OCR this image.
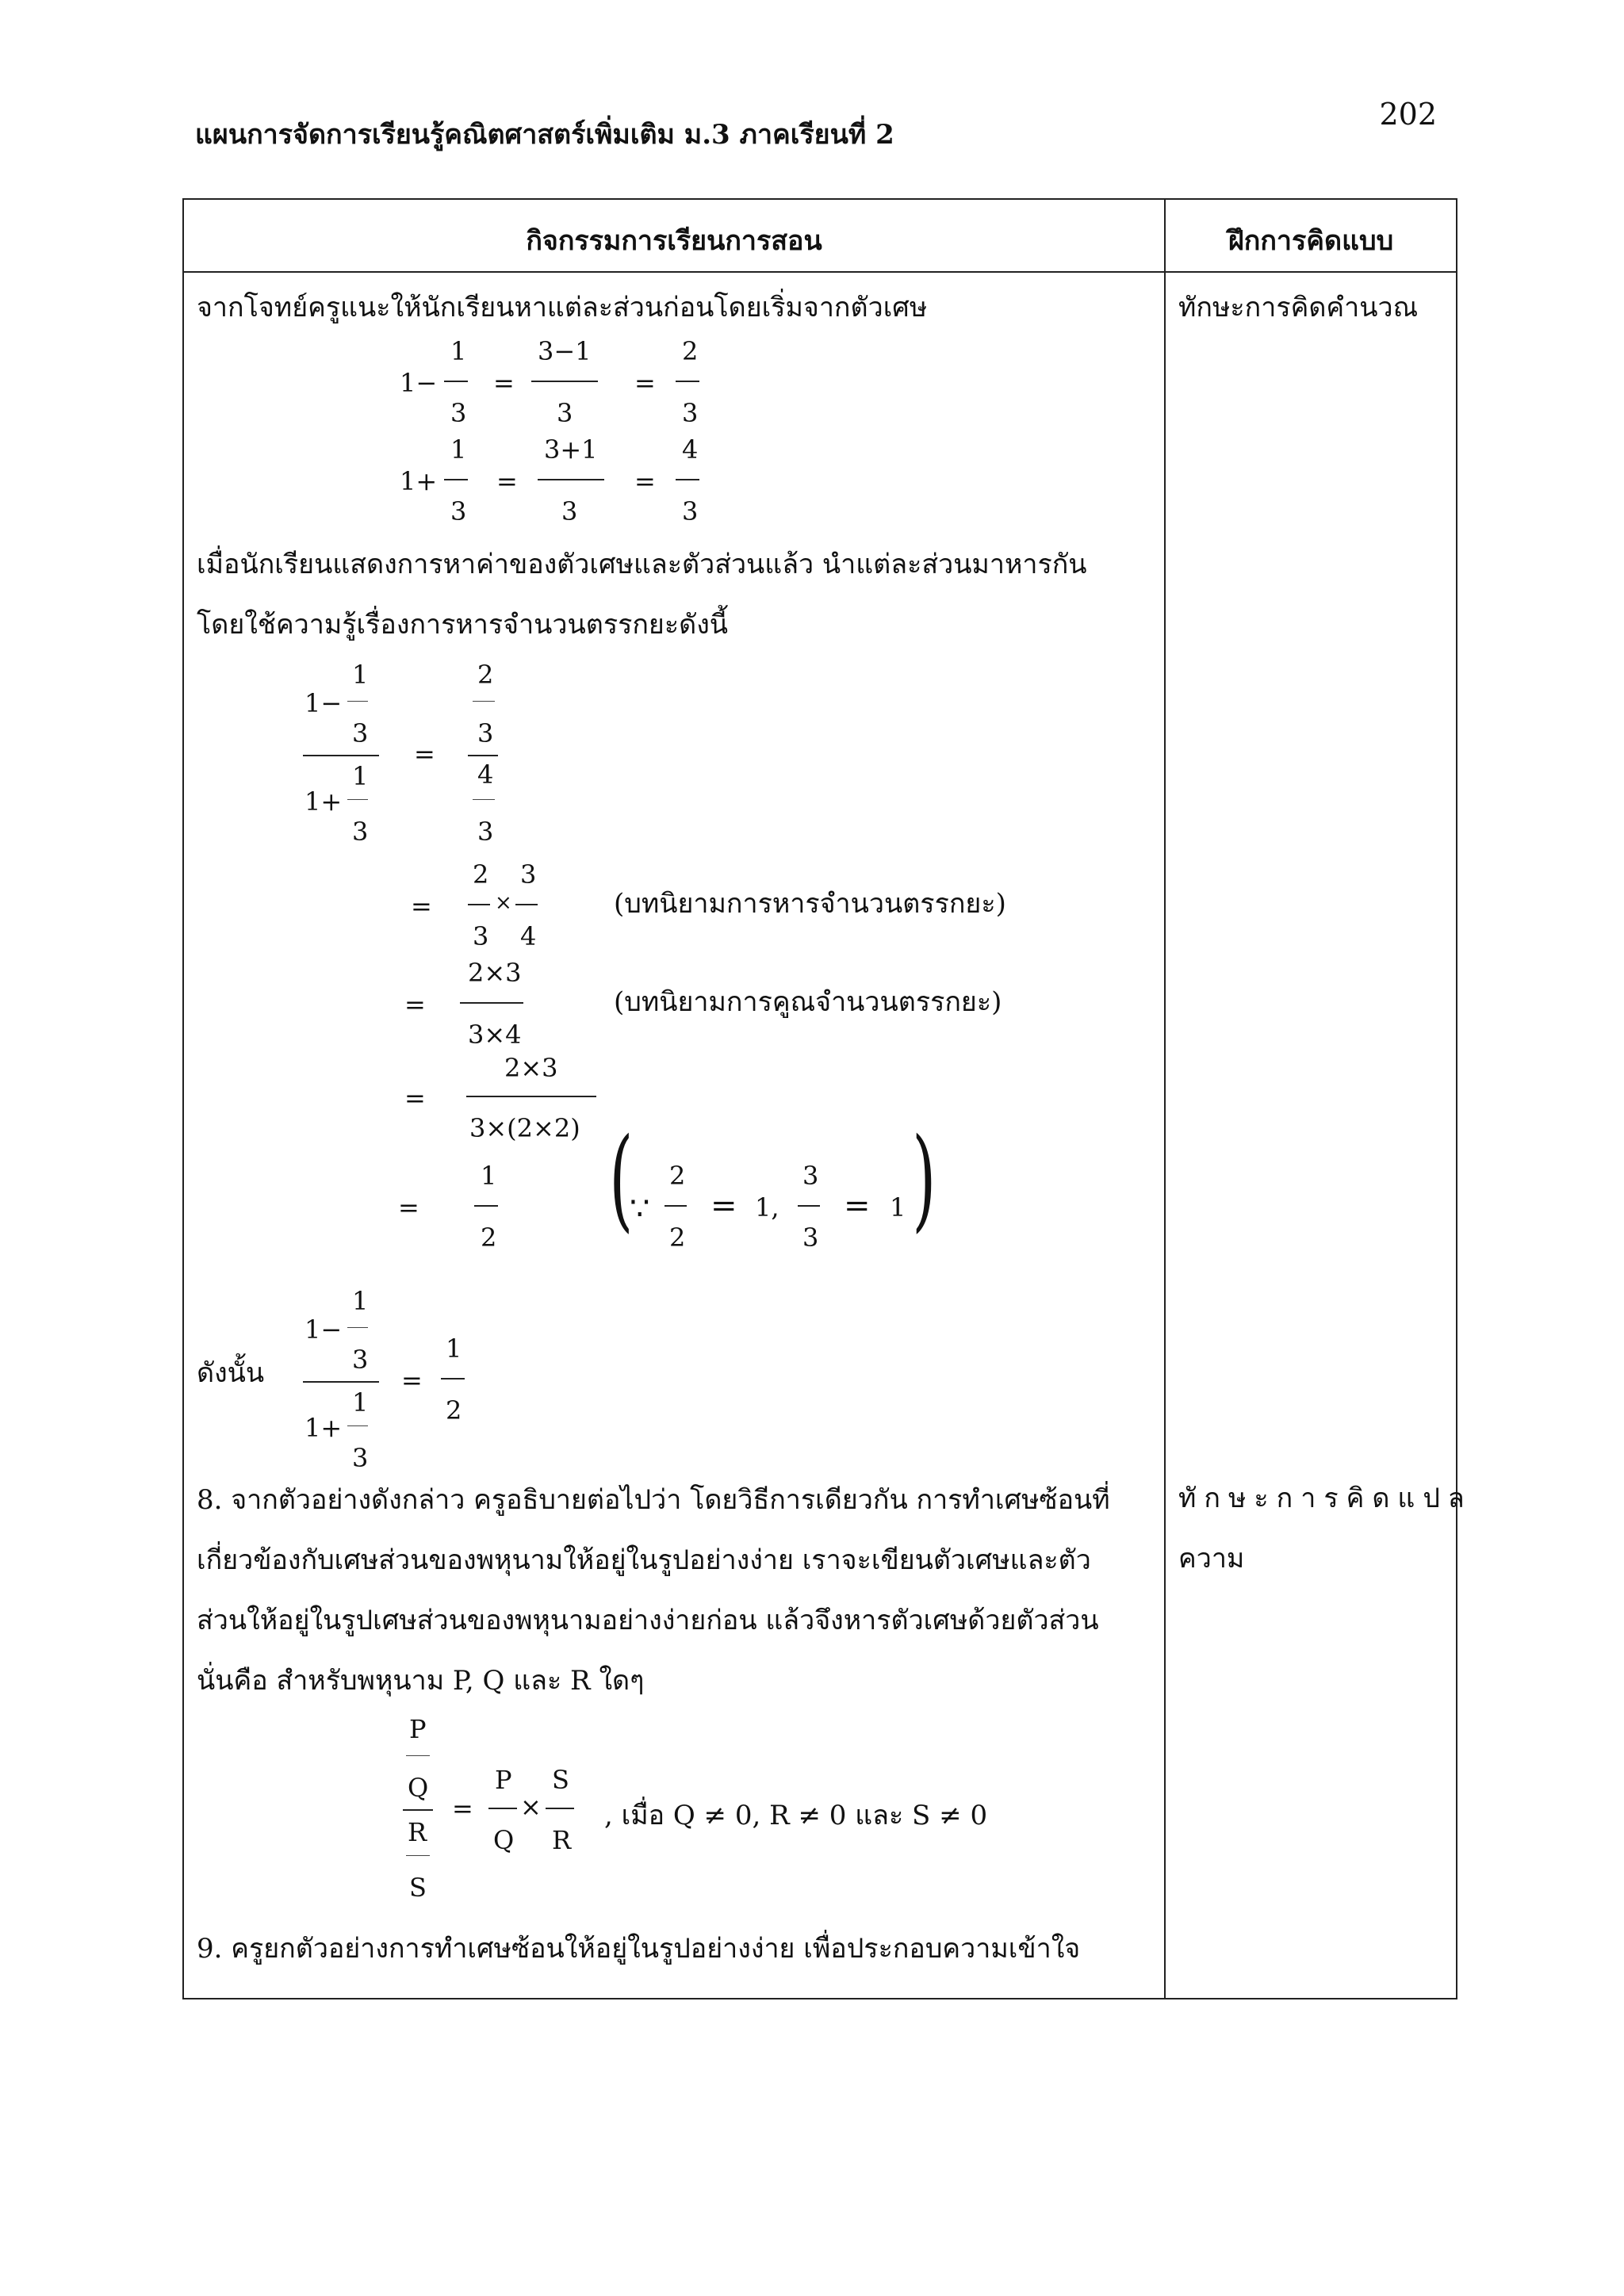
แผนการจัดการเรียนรู้คณิตศาสตร์เพิ่มเติม ม.3 ภาคเรียนที่ 2
202
กิจกรรมการเรียนการสอน	ฝึกการคิดแบบ
ทักษะการคิดคำนวณ
ทักษะการคิดแปล
ความ
จากโจทย์ครูแนะให้นักเรียนหาแต่ละส่วนก่อนโดยเริ่มจากตัวเศษ
1−
1
3
=
3−1
3
=
2
3
1+
1
3
=
3+1
3
=
4
3
เมื่อนักเรียนแสดงการหาค่าของตัวเศษและตัวส่วนแล้ว นำแต่ละส่วนมาหารกัน
โดยใช้ความรู้เรื่องการหารจำนวนตรรกยะดังนี้
1−
1
3
1
1+
3
=
2
3
4
3
=
2
3
×
3
4
(บทนิยามการหารจำนวนตรรกยะ)
=
2×3
3×4
(บทนิยามการคูณจำนวนตรรกยะ)
=
2×3
3×(2×2)
=
1
2 (
∵
2
2
= 1,
3
3
= 1 )
ดังนั้น
1−
1
3
1
1+
3
=
1
2
8. จากตัวอย่างดังกล่าว ครูอธิบายต่อไปว่า โดยวิธีการเดียวกัน การทำเศษซ้อนที่
เกี่ยวข้องกับเศษส่วนของพหุนามให้อยู่ในรูปอย่างง่าย เราจะเขียนตัวเศษและตัว
ส่วนให้อยู่ในรูปเศษส่วนของพหุนามอย่างง่ายก่อน แล้วจึงหารตัวเศษด้วยตัวส่วน
นั่นคือ สำหรับพหุนาม P, Q และ R ใดๆ
P
Q
R
S
=
P
Q
×
S
R
, เมื่อ Q ≠ 0, R ≠ 0 และ S ≠ 0
9. ครูยกตัวอย่างการทำเศษซ้อนให้อยู่ในรูปอย่างง่าย เพื่อประกอบความเข้าใจ
